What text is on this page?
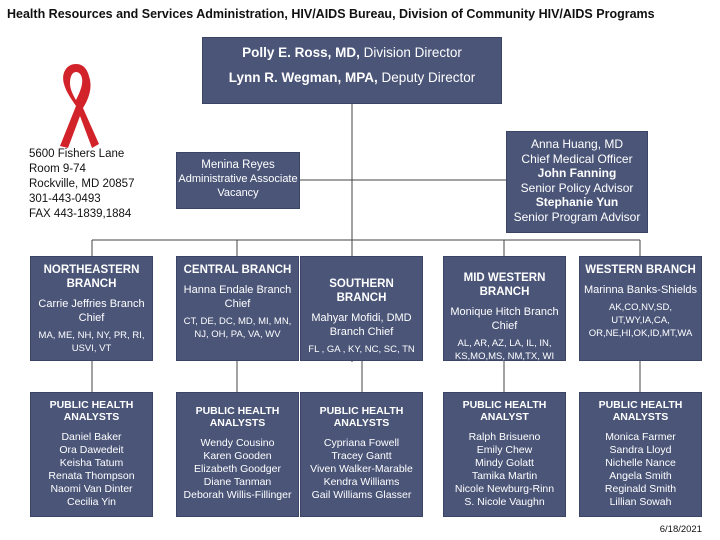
Health Resources and Services Administration, HIV/AIDS Bureau, Division of Community HIV/AIDS Programs
Polly E. Ross, MD, Division Director
Lynn R. Wegman, MPA, Deputy Director
5600 Fishers Lane
Room 9-74
Rockville, MD 20857
301-443-0493
FAX 443-1839,1884
Menina Reyes
Administrative Associate
Vacancy
Anna Huang, MD
Chief Medical Officer
John Fanning
Senior Policy Advisor
Stephanie Yun
Senior Program Advisor
NORTHEASTERN BRANCH
Carrie Jeffries Branch Chief
MA, ME, NH, NY, PR, RI, USVI, VT
CENTRAL BRANCH
Hanna Endale Branch Chief
CT, DE, DC, MD, MI, MN, NJ, OH, PA, VA, WV
SOUTHERN BRANCH
Mahyar Mofidi, DMD Branch Chief
FL , GA , KY, NC, SC, TN
MID WESTERN BRANCH
Monique Hitch Branch Chief
AL, AR, AZ, LA, IL, IN, KS,MO,MS, NM,TX, WI
WESTERN BRANCH
Marinna Banks-Shields
AK,CO,NV,SD, UT,WY,IA,CA, OR,NE,HI,OK,ID,MT,WA
PUBLIC HEALTH ANALYSTS
Daniel Baker
Ora Dawedeit
Keisha Tatum
Renata Thompson
Naomi Van Dinter
Cecilia Yin
PUBLIC HEALTH ANALYSTS
Wendy Cousino
Karen Gooden
Elizabeth Goodger
Diane Tanman
Deborah Willis-Fillinger
PUBLIC HEALTH ANALYSTS
Cypriana Fowell
Tracey Gantt
Viven Walker-Marable
Kendra Williams
Gail Williams Glasser
PUBLIC HEALTH ANALYST
Ralph Brisueno
Emily Chew
Mindy Golatt
Tamika Martin
Nicole Newburg-Rinn
S. Nicole Vaughn
PUBLIC HEALTH ANALYSTS
Monica Farmer
Sandra Lloyd
Nichelle Nance
Angela Smith
Reginald Smith
Lillian Sowah
6/18/2021
